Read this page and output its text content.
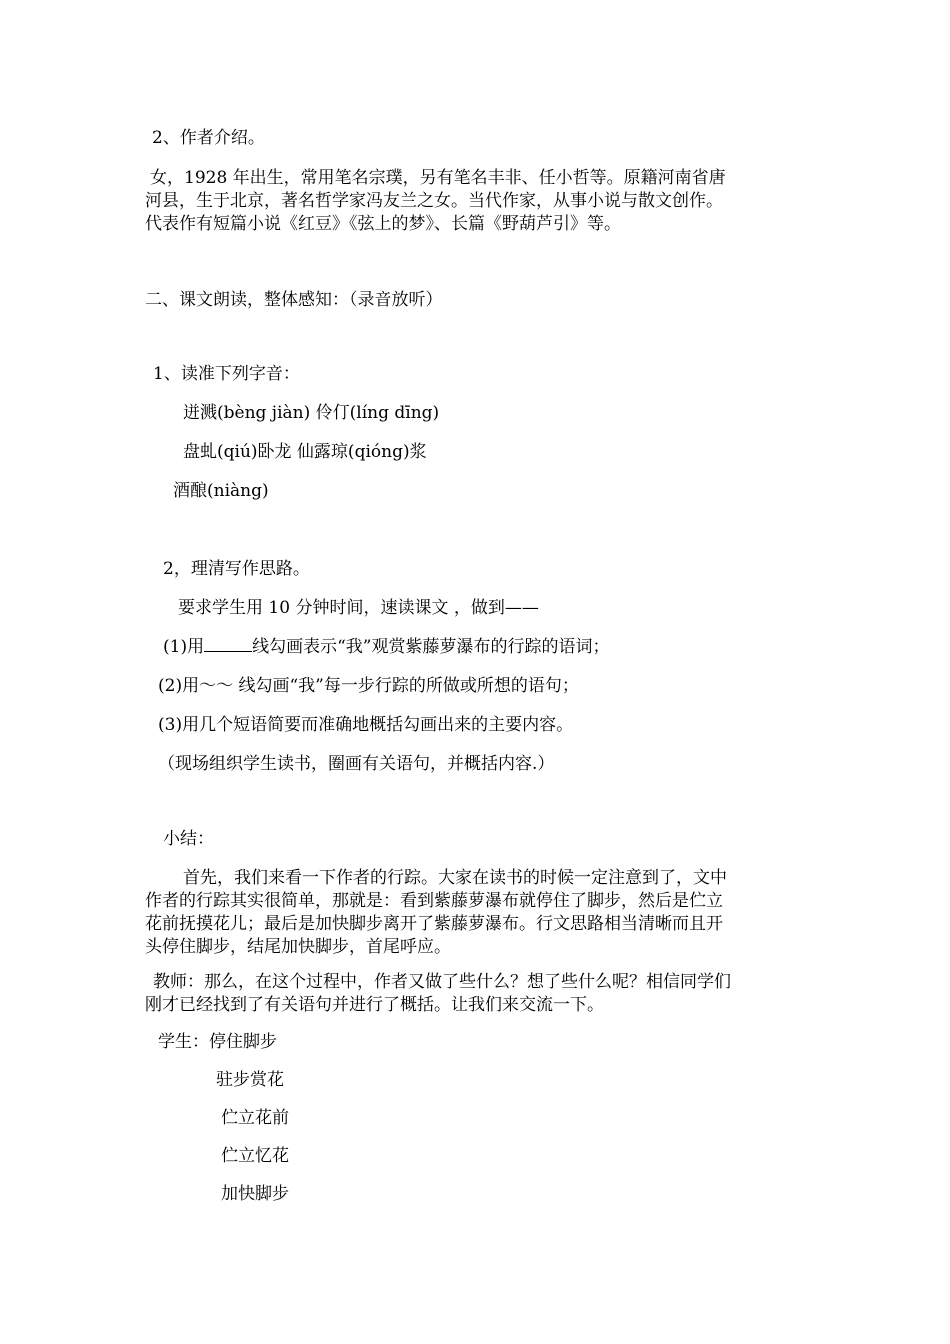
2、作者介绍。
女，1928 年出生，常用笔名宗璞，另有笔名丰非、任小哲等。原籍河南省唐
河县，生于北京，著名哲学家冯友兰之女。当代作家，从事小说与散文创作。
代表作有短篇小说《红豆》《弦上的梦》、长篇《野葫芦引》等。
二、课文朗读，整体感知：（录音放听）
1、读准下列字音：
迸溅(bèng jiàn) 伶仃(líng dīng)
盘虬(qiú)卧龙 仙露琼(qióng)浆
酒酿(niàng)
2，理清写作思路。
要求学生用 10 分钟时间，速读课文 ，做到——
(1)用	线勾画表示“我”观赏紫藤萝瀑布的行踪的语词；
(2)用～～ 线勾画“我”每一步行踪的所做或所想的语句；
(3)用几个短语简要而准确地概括勾画出来的主要内容。
（现场组织学生读书，圈画有关语句，并概括内容.）
小结：
首先，我们来看一下作者的行踪。大家在读书的时候一定注意到了，文中
作者的行踪其实很简单，那就是：看到紫藤萝瀑布就停住了脚步，然后是伫立
花前抚摸花儿；最后是加快脚步离开了紫藤萝瀑布。行文思路相当清晰而且开
头停住脚步，结尾加快脚步，首尾呼应。
教师：那么，在这个过程中，作者又做了些什么？想了些什么呢？相信同学们
刚才已经找到了有关语句并进行了概括。让我们来交流一下。
学生：停住脚步
驻步赏花
伫立花前
伫立忆花
加快脚步
